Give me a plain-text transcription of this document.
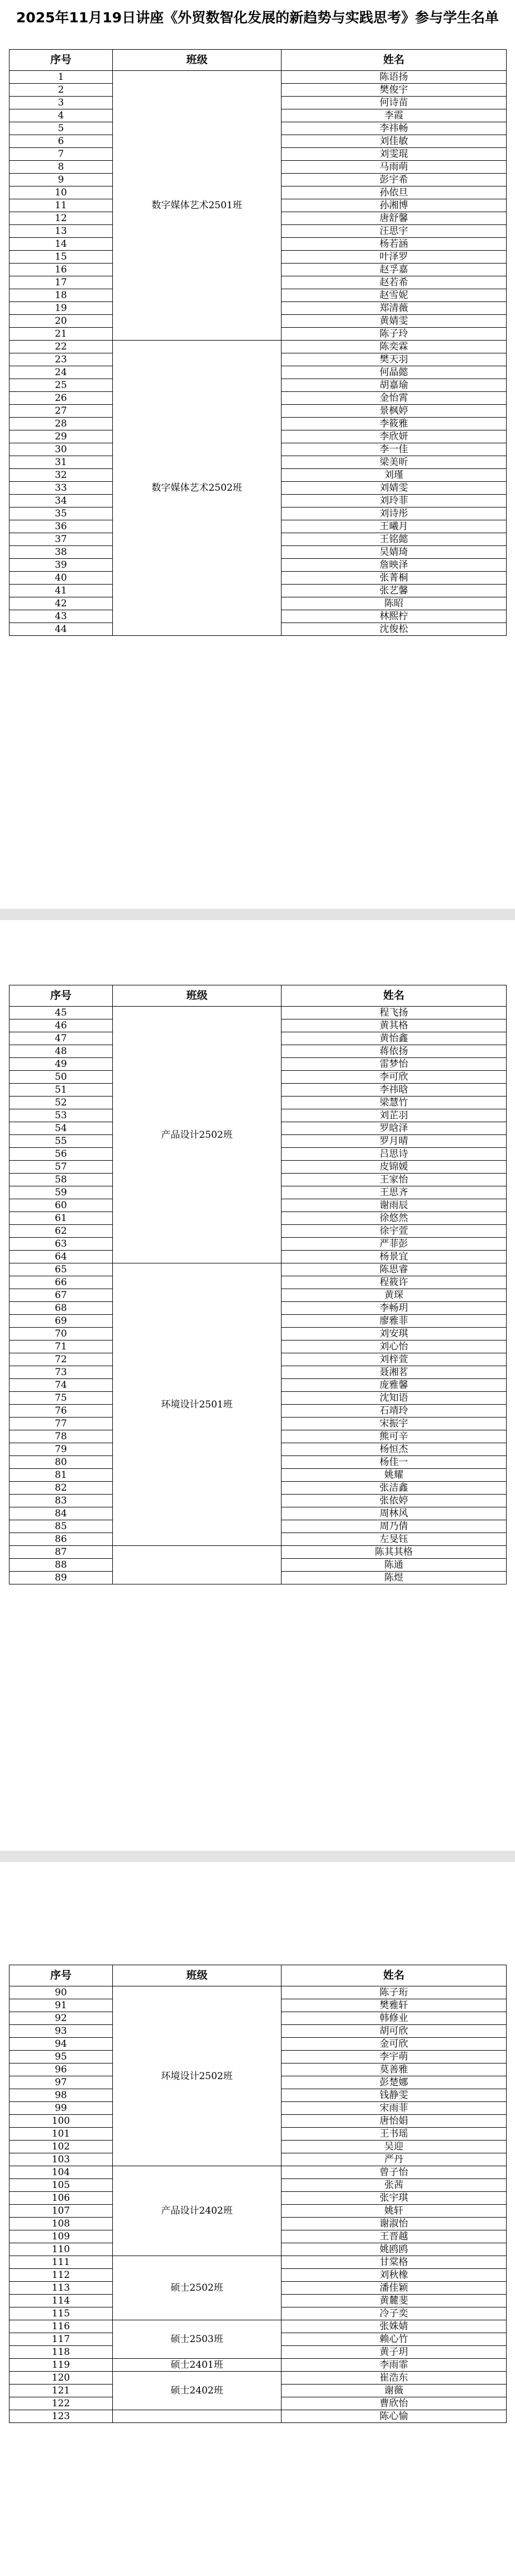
2025年11月19日讲座《外贸数智化发展的新趋势与实践思考》参与学生名单
序号	班级	姓名
1	数字媒体艺术2501班	陈语扬
2		樊俊宇
3		何诗苗
4		李霞
5		李祎畅
6		刘佳敏
7		刘雯琨
8		马雨萌
9		彭宇希
10		孙依旦
11		孙湘博
12		唐舒馨
13		汪思宇
14		杨若涵
15		叶泽罗
16		赵孚嘉
17		赵若希
18		赵雪妮
19		郑清薇
20		黄婧雯
21		陈子玲
22	数字媒体艺术2502班	陈奕霖
23		樊天羽
24		何晶懿
25		胡嘉瑜
26		金怡霄
27		景枫婷
28		李筱雅
29		李欣妍
30		李一佳
31		梁美昕
32		刘瑾
33		刘婧雯
34		刘玲菲
35		刘诗彤
36		王曦月
37		王铭懿
38		吴婧琦
39		詹映泽
40		张菁桐
41		张艺馨
42		陈昭
43		林熙柠
44		沈俊松
序号	班级	姓名
45	产品设计2502班	程飞扬
46		黄其格
47		黄怡鑫
48		蒋依扬
49		雷梦怡
50		李可欣
51		李祎晗
52		梁慧竹
53		刘芷羽
54		罗晗泽
55		罗月晴
56		吕思诗
57		皮锦媛
58		王家怡
59		王思齐
60		谢雨辰
61		徐悠然
62		徐宇萱
63		严菲彭
64		杨景宜
65	环境设计2501班	陈思睿
66		程筱许
67		黄琛
68		李畅玥
69		廖雅菲
70		刘安琪
71		刘心怡
72		刘梓萱
73		聂湘茗
74		庞雅馨
75		沈知语
76		石靖玲
77		宋振宇
78		熊可辛
79		杨恒杰
80		杨佳一
81		姚耀
82		张洁鑫
83		张依婷
84		周林风
85		周乃倩
86		左旻钰
87		陈其其格
88		陈通
89		陈煜
序号	班级	姓名
90	环境设计2502班	陈子珩
91		樊雅轩
92		韩修业
93		胡可欣
94		金可欣
95		李宇萌
96		莫善雅
97		彭楚娜
98		钱静雯
99		宋雨菲
100		唐怡娟
101		王书瑶
102		吴迎
103		严丹
104	产品设计2402班	曾子怡
105		张茜
106		张宇琪
107		姚轩
108		谢淑怡
109		王晋越
110		姚鸥鸥
111	硕士2502班	甘棠格
112		刘秋橡
113		潘佳颖
114		黄麓斐
115		冷子奕
116	硕士2503班	张姝婧
117		赖心竹
118		黄子玥
119	硕士2401班	李雨霏
120	硕士2402班	崔浩东
121		谢薇
122		曹欣怡
123		陈心愉
